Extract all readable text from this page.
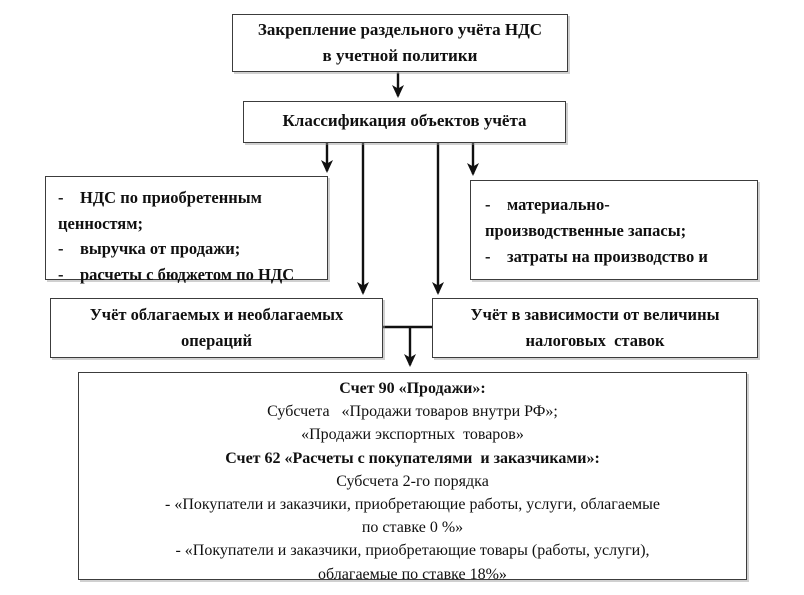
Закрепление раздельного учёта НДС
в учетной политики
Классификация объектов учёта
-    НДС по приобретенным
ценностям;
-    выручка от продажи;
-    расчеты с бюджетом по НДС
-    материально-
производственные запасы;
-    затраты на производство и
Учёт облагаемых и необлагаемых
операций
Учёт в зависимости от величины
налоговых  ставок
Счет 90 «Продажи»:
Субсчета   «Продажи товаров внутри РФ»;
«Продажи экспортных  товаров»
Счет 62 «Расчеты с покупателями  и заказчиками»:
Субсчета 2-го порядка
- «Покупатели и заказчики, приобретающие работы, услуги, облагаемые
по ставке 0 %»
- «Покупатели и заказчики, приобретающие товары (работы, услуги),
облагаемые по ставке 18%»
